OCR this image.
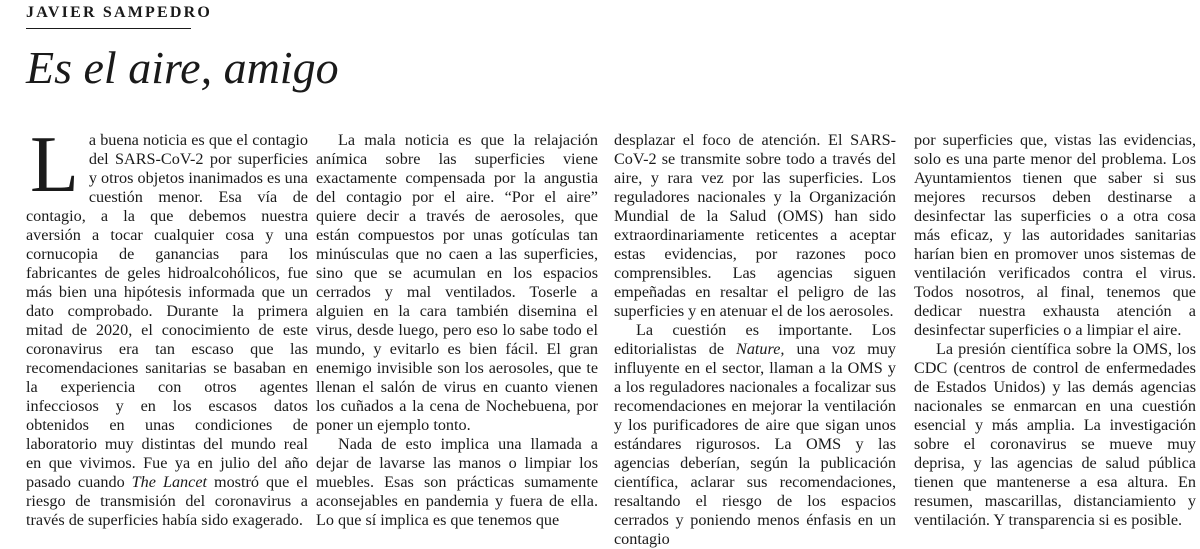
JAVIER SAMPEDRO
Es el aire, amigo

La buena noticia es que el contagio del SARS-CoV-2 por superficies y otros objetos inanimados es una cuestión menor. Esa vía de contagio, a la que debemos nuestra aversión a tocar cualquier cosa y una cornucopia de ganancias para los fabricantes de geles hidroalcohólicos, fue más bien una hipótesis informada que un dato comprobado. Durante la primera mitad de 2020, el conocimiento de este coronavirus era tan escaso que las recomendaciones sanitarias se basaban en la experiencia con otros agentes infecciosos y en los escasos datos obtenidos en unas condiciones de laboratorio muy distintas del mundo real en que vivimos. Fue ya en julio del año pasado cuando The Lancet mostró que el riesgo de transmisión del coronavirus a través de superficies había sido exagerado.

La mala noticia es que la relajación anímica sobre las superficies viene exactamente compensada por la angustia del contagio por el aire. “Por el aire” quiere decir a través de aerosoles, que están compuestos por unas gotículas tan minúsculas que no caen a las superficies, sino que se acumulan en los espacios cerrados y mal ventilados. Toserle a alguien en la cara también disemina el virus, desde luego, pero eso lo sabe todo el mundo, y evitarlo es bien fácil. El gran enemigo invisible son los aerosoles, que te llenan el salón de virus en cuanto vienen los cuñados a la cena de Nochebuena, por poner un ejemplo tonto.

Nada de esto implica una llamada a dejar de lavarse las manos o limpiar los muebles. Esas son prácticas sumamente aconsejables en pandemia y fuera de ella. Lo que sí implica es que tenemos que

desplazar el foco de atención. El SARS-CoV-2 se transmite sobre todo a través del aire, y rara vez por las superficies. Los reguladores nacionales y la Organización Mundial de la Salud (OMS) han sido extraordinariamente reticentes a aceptar estas evidencias, por razones poco comprensibles. Las agencias siguen empeñadas en resaltar el peligro de las superficies y en atenuar el de los aerosoles.

La cuestión es importante. Los editorialistas de Nature, una voz muy influyente en el sector, llaman a la OMS y a los reguladores nacionales a focalizar sus recomendaciones en mejorar la ventilación y los purificadores de aire que sigan unos estándares rigurosos. La OMS y las agencias deberían, según la publicación científica, aclarar sus recomendaciones, resaltando el riesgo de los espacios cerrados y poniendo menos énfasis en un contagio

por superficies que, vistas las evidencias, solo es una parte menor del problema. Los Ayuntamientos tienen que saber si sus mejores recursos deben destinarse a desinfectar las superficies o a otra cosa más eficaz, y las autoridades sanitarias harían bien en promover unos sistemas de ventilación verificados contra el virus. Todos nosotros, al final, tenemos que dedicar nuestra exhausta atención a desinfectar superficies o a limpiar el aire.

La presión científica sobre la OMS, los CDC (centros de control de enfermedades de Estados Unidos) y las demás agencias nacionales se enmarcan en una cuestión esencial y más amplia. La investigación sobre el coronavirus se mueve muy deprisa, y las agencias de salud pública tienen que mantenerse a esa altura. En resumen, mascarillas, distanciamiento y ventilación. Y transparencia si es posible.
